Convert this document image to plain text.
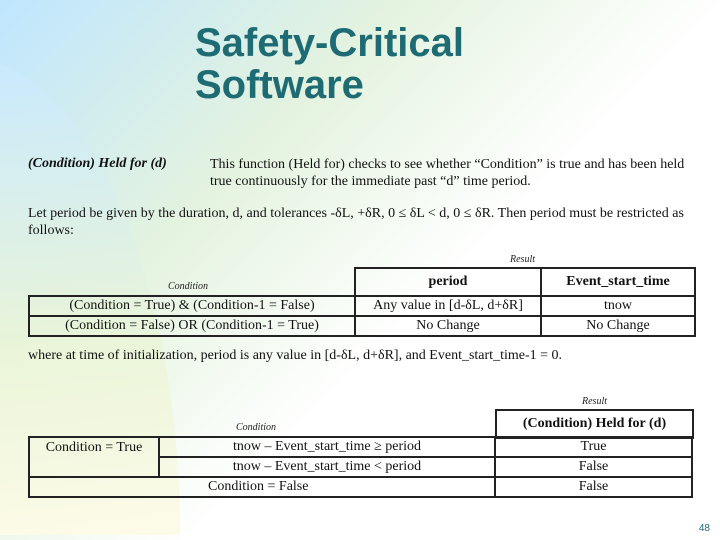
Safety-Critical
Software
(Condition) Held for (d)	This function (Held for) checks to see whether “Condition” is true and has been held true continuously for the immediate past “d” time period.
Let period be given by the duration, d, and tolerances -δL, +δR, 0 ≤ δL < d, 0 ≤ δR. Then period must be restricted as follows:
Result
Condition	period	Event_start_time
(Condition = True) & (Condition-1 = False)	Any value in [d-δL, d+δR]	tnow
(Condition = False) OR (Condition-1 = True)	No Change	No Change
where at time of initialization, period is any value in [d-δL, d+δR], and Event_start_time-1 = 0.
Result
Condition	(Condition) Held for (d)
Condition = True	tnow – Event_start_time ≥ period	True
	tnow – Event_start_time < period	False
Condition = False		False
48
